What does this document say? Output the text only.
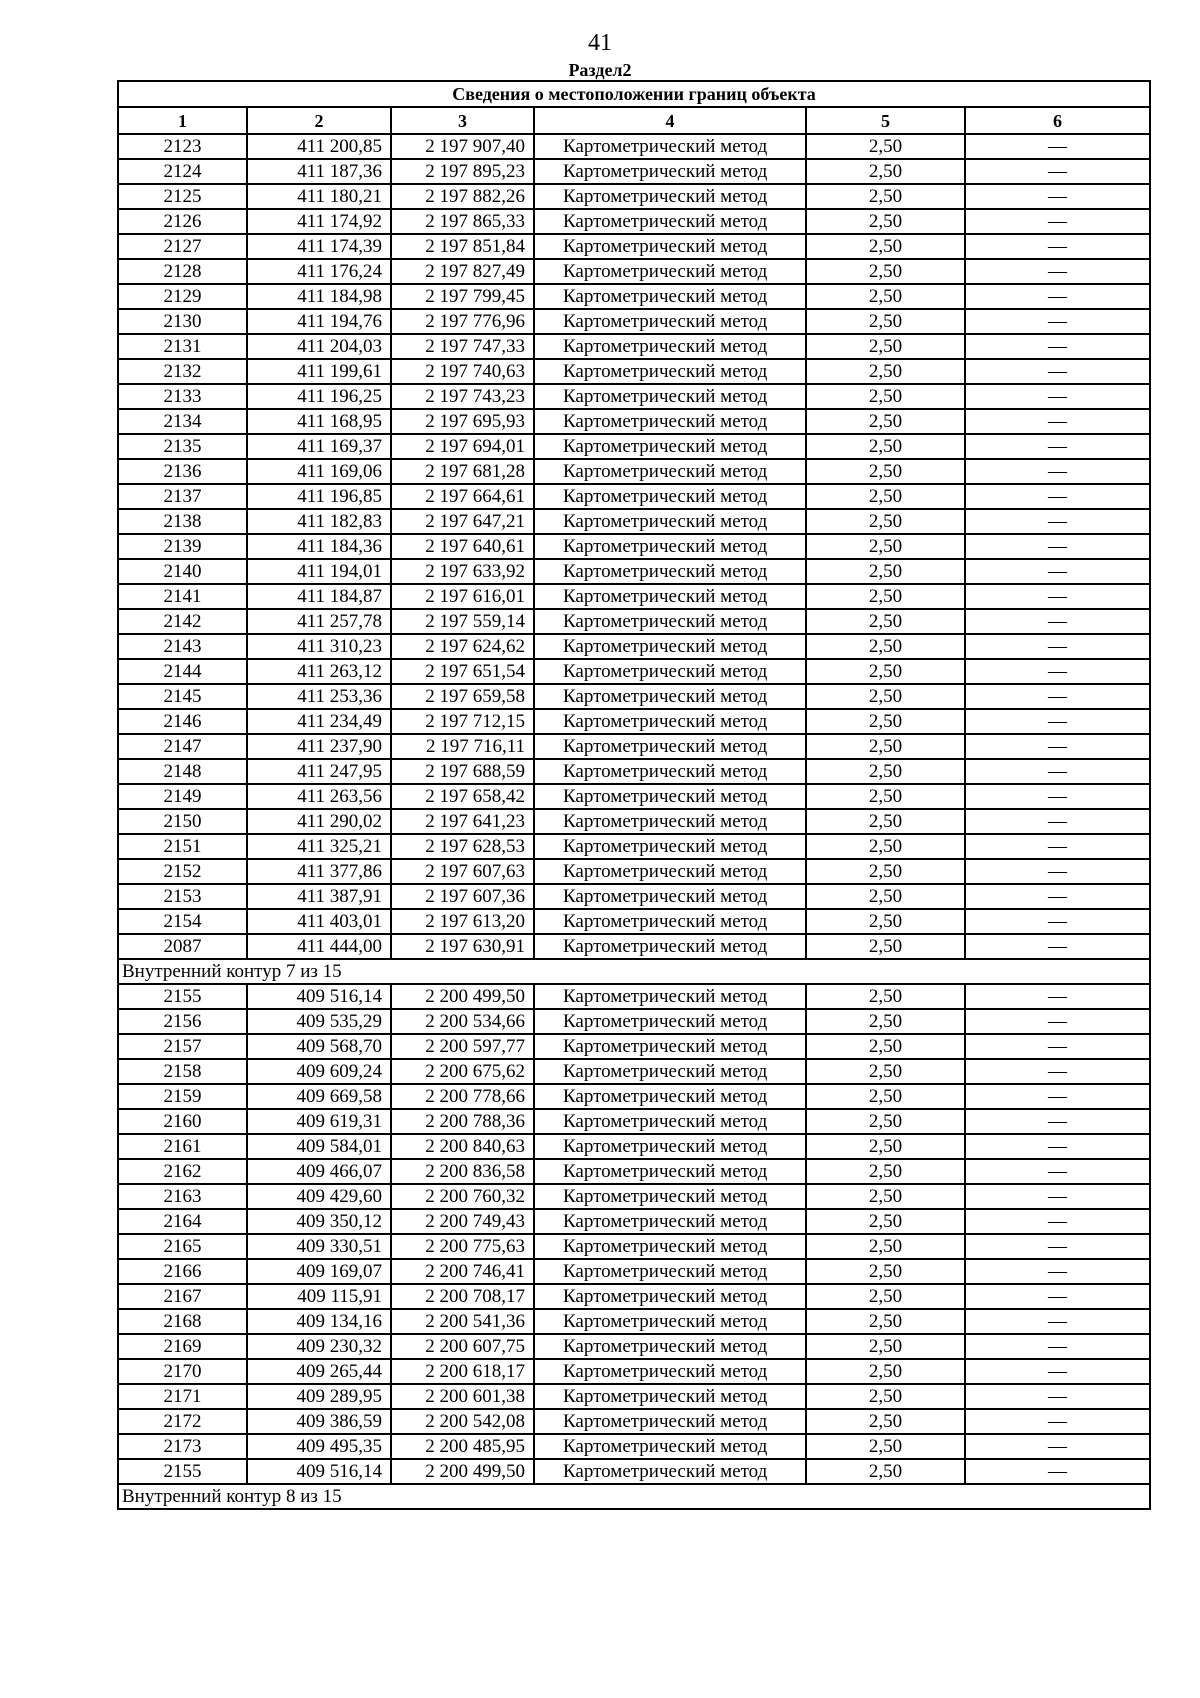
41
Раздел2
Сведения о местоположении границ объекта					
1	2	3	4	5	6
2123	411 200,85	2 197 907,40	Картометрический метод	2,50	—
2124	411 187,36	2 197 895,23	Картометрический метод	2,50	—
2125	411 180,21	2 197 882,26	Картометрический метод	2,50	—
2126	411 174,92	2 197 865,33	Картометрический метод	2,50	—
2127	411 174,39	2 197 851,84	Картометрический метод	2,50	—
2128	411 176,24	2 197 827,49	Картометрический метод	2,50	—
2129	411 184,98	2 197 799,45	Картометрический метод	2,50	—
2130	411 194,76	2 197 776,96	Картометрический метод	2,50	—
2131	411 204,03	2 197 747,33	Картометрический метод	2,50	—
2132	411 199,61	2 197 740,63	Картометрический метод	2,50	—
2133	411 196,25	2 197 743,23	Картометрический метод	2,50	—
2134	411 168,95	2 197 695,93	Картометрический метод	2,50	—
2135	411 169,37	2 197 694,01	Картометрический метод	2,50	—
2136	411 169,06	2 197 681,28	Картометрический метод	2,50	—
2137	411 196,85	2 197 664,61	Картометрический метод	2,50	—
2138	411 182,83	2 197 647,21	Картометрический метод	2,50	—
2139	411 184,36	2 197 640,61	Картометрический метод	2,50	—
2140	411 194,01	2 197 633,92	Картометрический метод	2,50	—
2141	411 184,87	2 197 616,01	Картометрический метод	2,50	—
2142	411 257,78	2 197 559,14	Картометрический метод	2,50	—
2143	411 310,23	2 197 624,62	Картометрический метод	2,50	—
2144	411 263,12	2 197 651,54	Картометрический метод	2,50	—
2145	411 253,36	2 197 659,58	Картометрический метод	2,50	—
2146	411 234,49	2 197 712,15	Картометрический метод	2,50	—
2147	411 237,90	2 197 716,11	Картометрический метод	2,50	—
2148	411 247,95	2 197 688,59	Картометрический метод	2,50	—
2149	411 263,56	2 197 658,42	Картометрический метод	2,50	—
2150	411 290,02	2 197 641,23	Картометрический метод	2,50	—
2151	411 325,21	2 197 628,53	Картометрический метод	2,50	—
2152	411 377,86	2 197 607,63	Картометрический метод	2,50	—
2153	411 387,91	2 197 607,36	Картометрический метод	2,50	—
2154	411 403,01	2 197 613,20	Картометрический метод	2,50	—
2087	411 444,00	2 197 630,91	Картометрический метод	2,50	—
Внутренний контур 7 из 15					
2155	409 516,14	2 200 499,50	Картометрический метод	2,50	—
2156	409 535,29	2 200 534,66	Картометрический метод	2,50	—
2157	409 568,70	2 200 597,77	Картометрический метод	2,50	—
2158	409 609,24	2 200 675,62	Картометрический метод	2,50	—
2159	409 669,58	2 200 778,66	Картометрический метод	2,50	—
2160	409 619,31	2 200 788,36	Картометрический метод	2,50	—
2161	409 584,01	2 200 840,63	Картометрический метод	2,50	—
2162	409 466,07	2 200 836,58	Картометрический метод	2,50	—
2163	409 429,60	2 200 760,32	Картометрический метод	2,50	—
2164	409 350,12	2 200 749,43	Картометрический метод	2,50	—
2165	409 330,51	2 200 775,63	Картометрический метод	2,50	—
2166	409 169,07	2 200 746,41	Картометрический метод	2,50	—
2167	409 115,91	2 200 708,17	Картометрический метод	2,50	—
2168	409 134,16	2 200 541,36	Картометрический метод	2,50	—
2169	409 230,32	2 200 607,75	Картометрический метод	2,50	—
2170	409 265,44	2 200 618,17	Картометрический метод	2,50	—
2171	409 289,95	2 200 601,38	Картометрический метод	2,50	—
2172	409 386,59	2 200 542,08	Картометрический метод	2,50	—
2173	409 495,35	2 200 485,95	Картометрический метод	2,50	—
2155	409 516,14	2 200 499,50	Картометрический метод	2,50	—
Внутренний контур 8 из 15					
